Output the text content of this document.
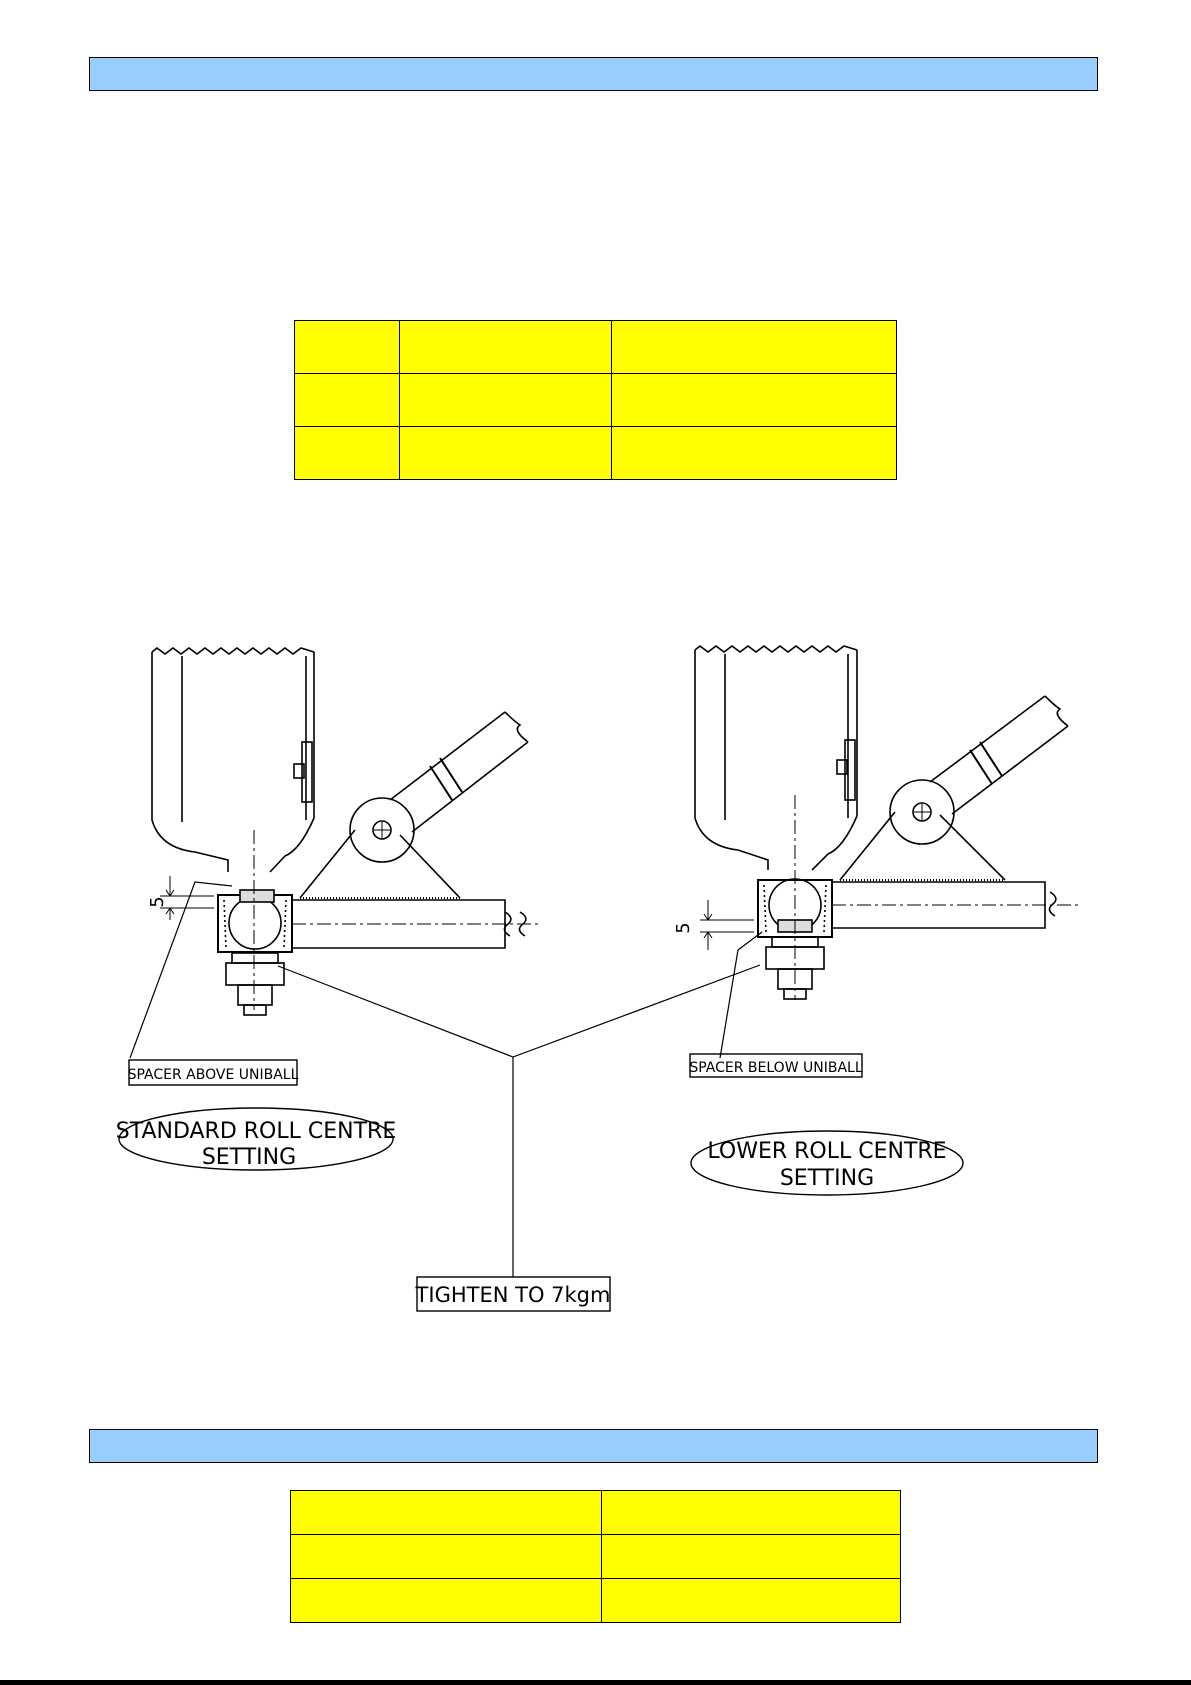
5
5
SPACER ABOVE UNIBALL	SPACER BELOW UNIBALL
STANDARD ROLL CENTRE
SETTING	LOWER ROLL CENTRE
SETTING
TIGHTEN TO 7kgm
